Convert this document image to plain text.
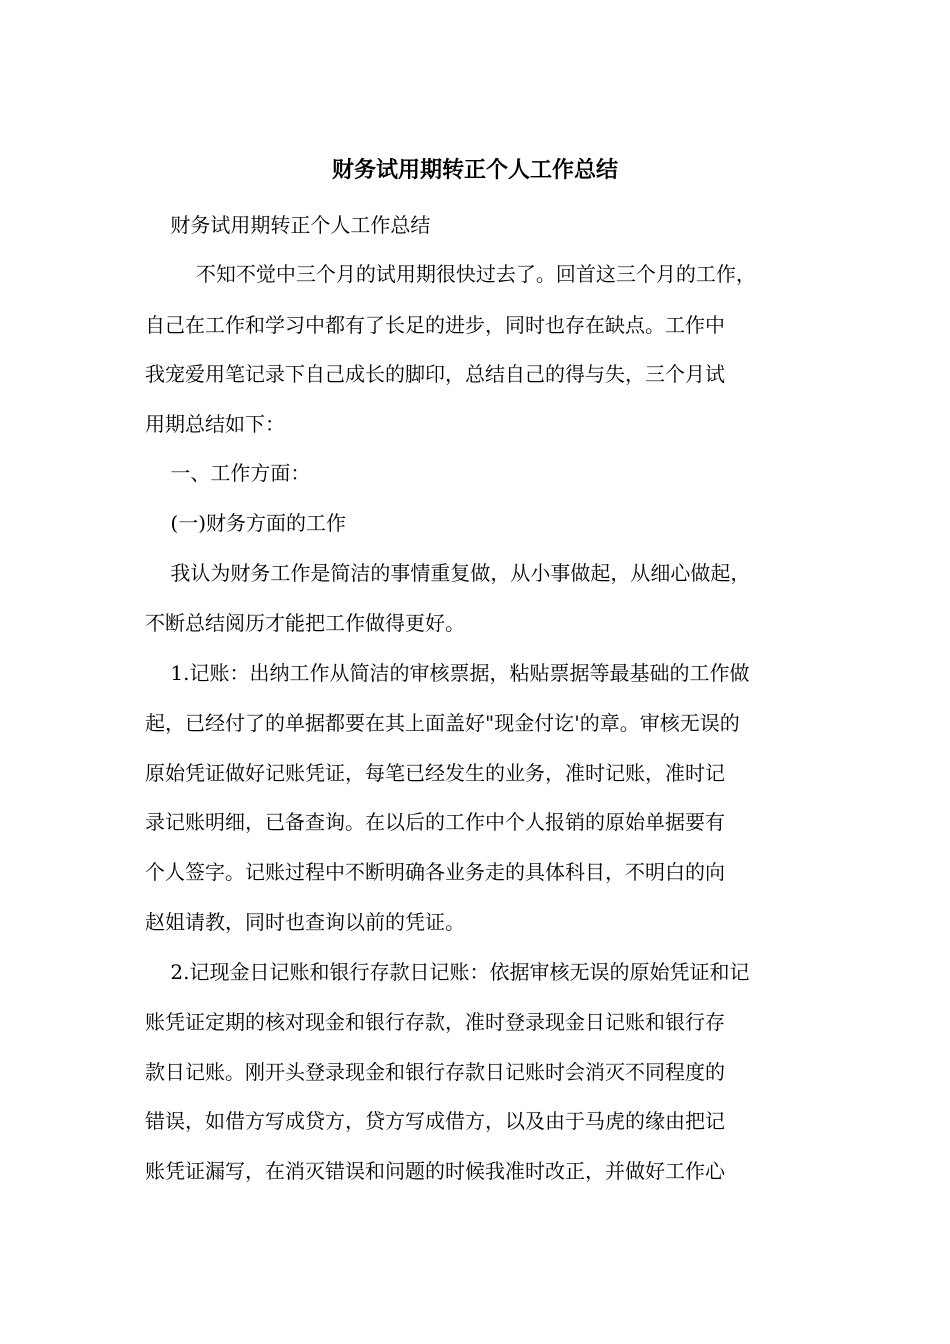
财务试用期转正个人工作总结

财务试用期转正个人工作总结

不知不觉中三个月的试用期很快过去了。回首这三个月的工作，

自己在工作和学习中都有了长足的进步，同时也存在缺点。工作中

我宠爱用笔记录下自己成长的脚印，总结自己的得与失，三个月试

用期总结如下：

一、工作方面：

(一)财务方面的工作

我认为财务工作是简洁的事情重复做，从小事做起，从细心做起，

不断总结阅历才能把工作做得更好。

1.记账：出纳工作从简洁的审核票据，粘贴票据等最基础的工作做

起，已经付了的单据都要在其上面盖好"现金付讫'的章。审核无误的

原始凭证做好记账凭证，每笔已经发生的业务，准时记账，准时记

录记账明细，已备查询。在以后的工作中个人报销的原始单据要有

个人签字。记账过程中不断明确各业务走的具体科目，不明白的向

赵姐请教，同时也查询以前的凭证。

2.记现金日记账和银行存款日记账：依据审核无误的原始凭证和记

账凭证定期的核对现金和银行存款，准时登录现金日记账和银行存

款日记账。刚开头登录现金和银行存款日记账时会消灭不同程度的

错误，如借方写成贷方，贷方写成借方，以及由于马虎的缘由把记

账凭证漏写，在消灭错误和问题的时候我准时改正，并做好工作心
